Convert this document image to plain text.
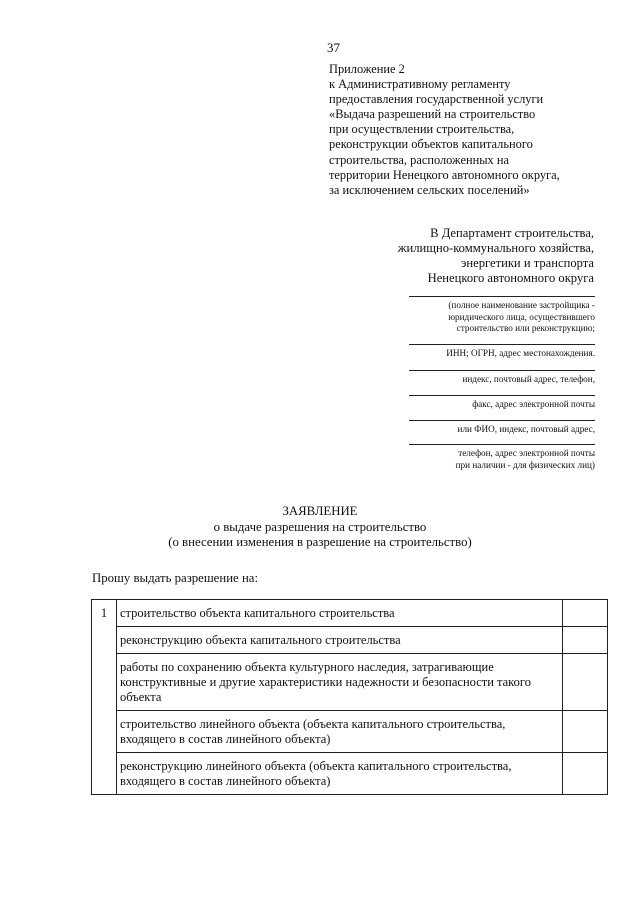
37
Приложение 2
к Административному регламенту
предоставления государственной услуги
«Выдача разрешений на строительство
при осуществлении строительства,
реконструкции объектов капитального
строительства, расположенных на
территории Ненецкого автономного округа,
за исключением сельских поселений»
В Департамент строительства,
жилищно-коммунального хозяйства,
энергетики и транспорта
Ненецкого автономного округа
(полное наименование застройщика -
юридического лица, осуществившего
строительство или реконструкцию;
ИНН; ОГРН, адрес местонахождения.
индекс, почтовый адрес, телефон,
факс, адрес электронной почты
или ФИО, индекс, почтовый адрес,
телефон, адрес электронной почты
при наличии - для физических лиц)
ЗАЯВЛЕНИЕ
о выдаче разрешения на строительство
(о внесении изменения в разрешение на строительство)
Прошу выдать разрешение на:
1	строительство объекта капитального строительства	
	реконструкцию объекта капитального строительства	
	работы по сохранению объекта культурного наследия, затрагивающие конструктивные и другие характеристики надежности и безопасности такого объекта	
	строительство линейного объекта (объекта капитального строительства, входящего в состав линейного объекта)	
	реконструкцию линейного объекта (объекта капитального строительства, входящего в состав линейного объекта)	
